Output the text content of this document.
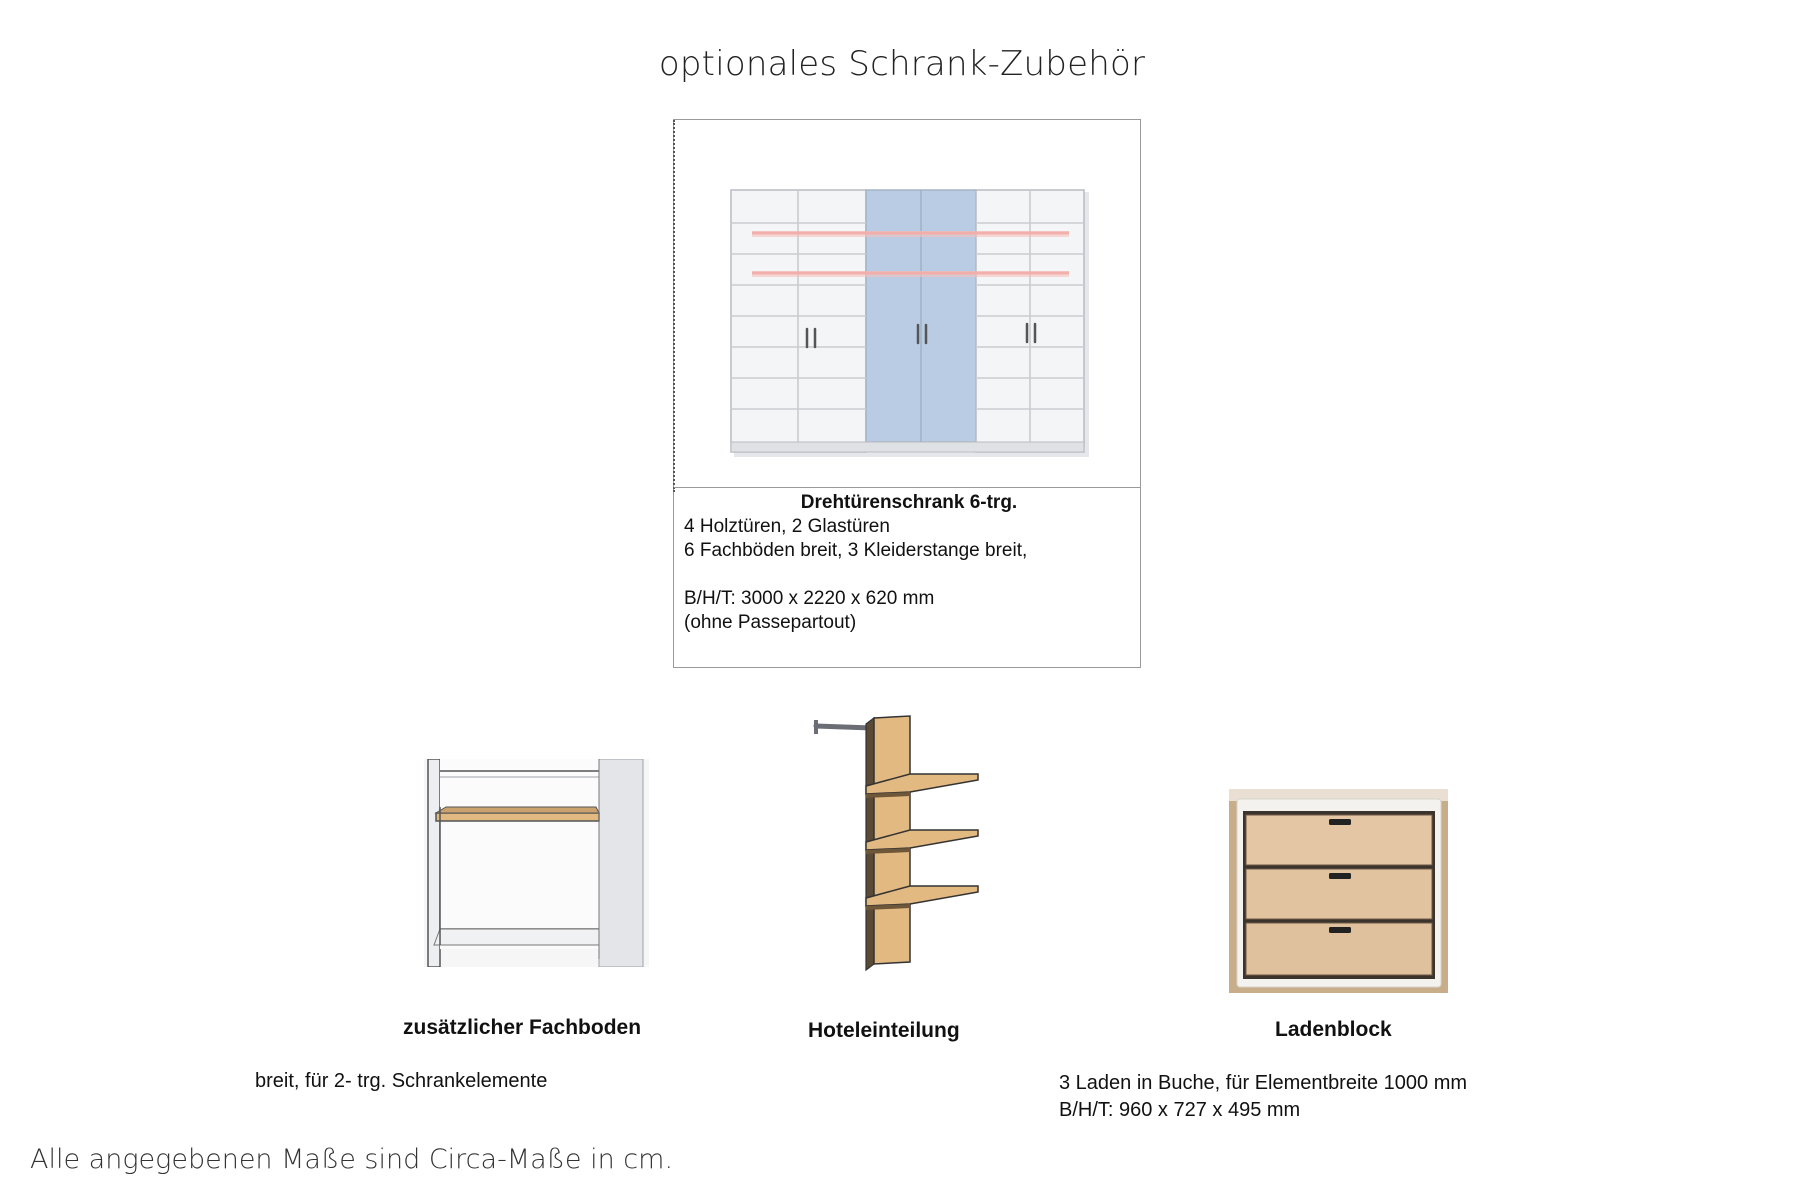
optionales Schrank-Zubehör
Drehtürenschrank 6-trg.
4 Holztüren, 2 Glastüren
6 Fachböden breit, 3 Kleiderstange breit,
B/H/T: 3000 x 2220 x 620 mm
(ohne Passepartout)
zusätzlicher Fachboden
breit, für 2- trg. Schrankelemente
Hoteleinteilung	Ladenblock
3 Laden in Buche, für Elementbreite 1000 mm
B/H/T: 960 x 727 x 495 mm
Alle angegebenen Maße sind Circa-Maße in cm.
